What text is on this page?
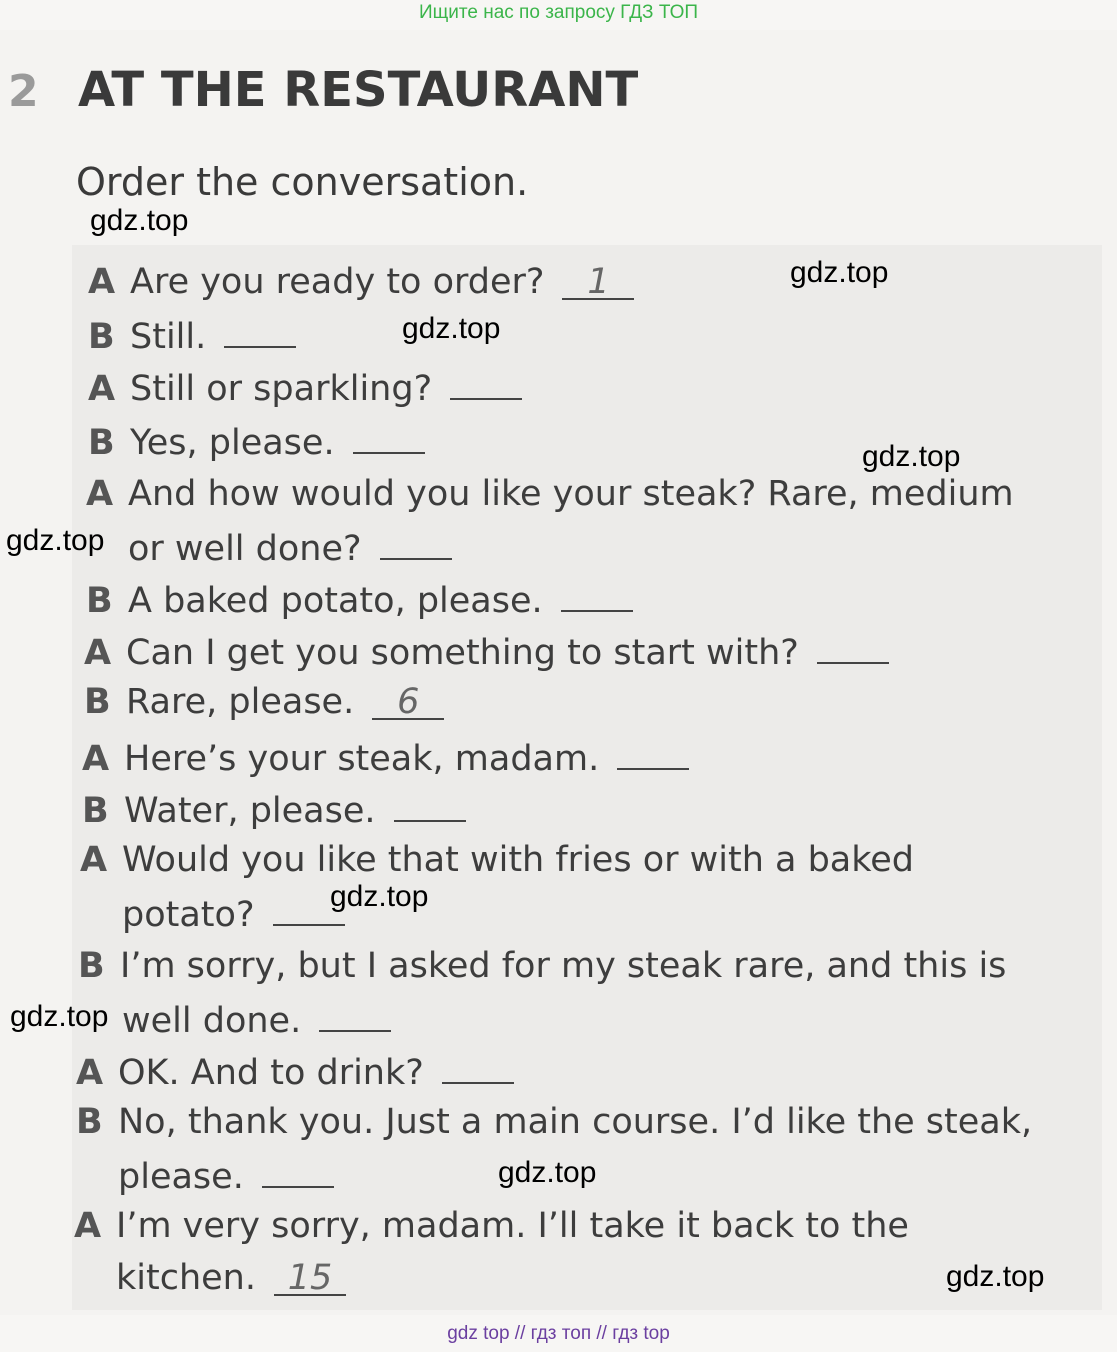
Ищите нас по запросу ГДЗ ТОП
2 AT THE RESTAURANT
Order the conversation.
A Are you ready to order? 1
B Still.
A Still or sparkling?
B Yes, please.
A And how would you like your steak? Rare, medium
or well done?
B A baked potato, please.
A Can I get you something to start with?
B Rare, please. 6
A Here’s your steak, madam.
B Water, please.
A Would you like that with fries or with a baked
potato?
B I’m sorry, but I asked for my steak rare, and this is
well done.
A OK. And to drink?
B No, thank you. Just a main course. I’d like the steak,
please.
A I’m very sorry, madam. I’ll take it back to the
kitchen. 15
gdz.top
gdz.top
gdz.top
gdz.top
gdz.top
gdz.top
gdz.top
gdz.top
gdz.top
gdz top // гдз топ // гдз top
